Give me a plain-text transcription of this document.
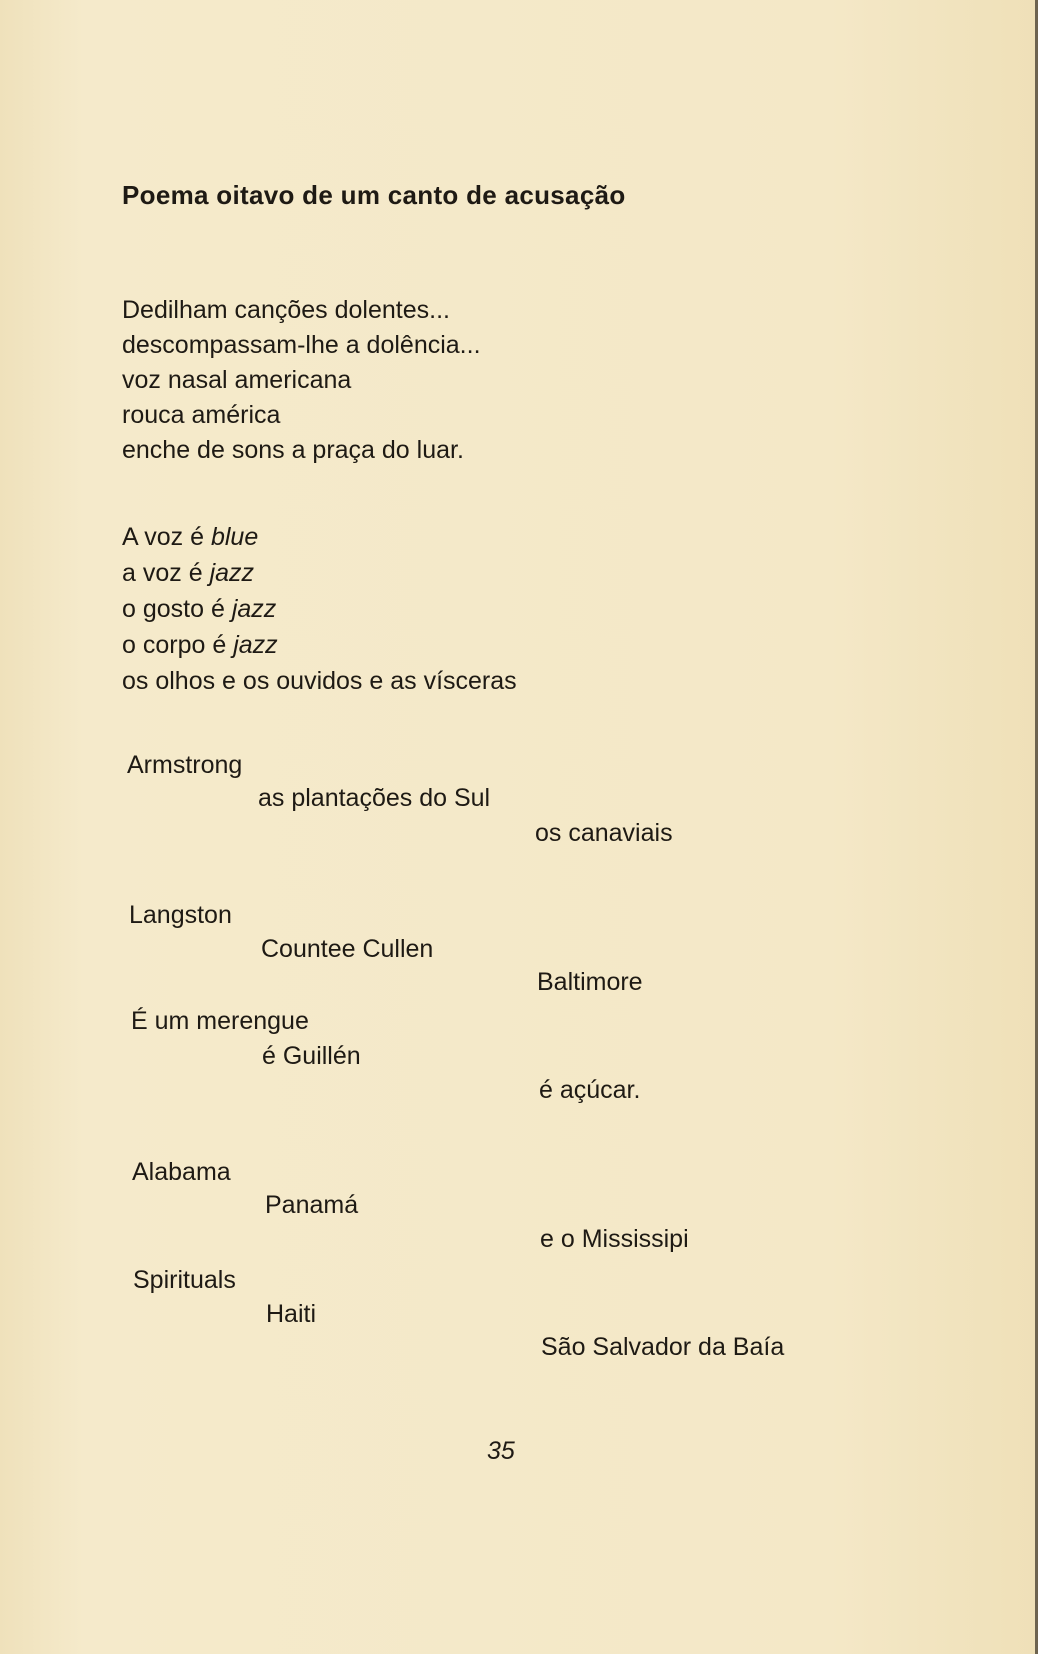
Poema oitavo de um canto de acusação
Dedilham canções dolentes...
descompassam-lhe a dolência...
voz nasal americana
rouca américa
enche de sons a praça do luar.
A voz é blue
a voz é jazz
o gosto é jazz
o corpo é jazz
os olhos e os ouvidos e as vísceras
Armstrong
as plantações do Sul
os canaviais
Langston
Countee Cullen
Baltimore
É um merengue
é Guillén
é açúcar.
Alabama
Panamá
e o Mississipi
Spirituals
Haiti
São Salvador da Baía
35
